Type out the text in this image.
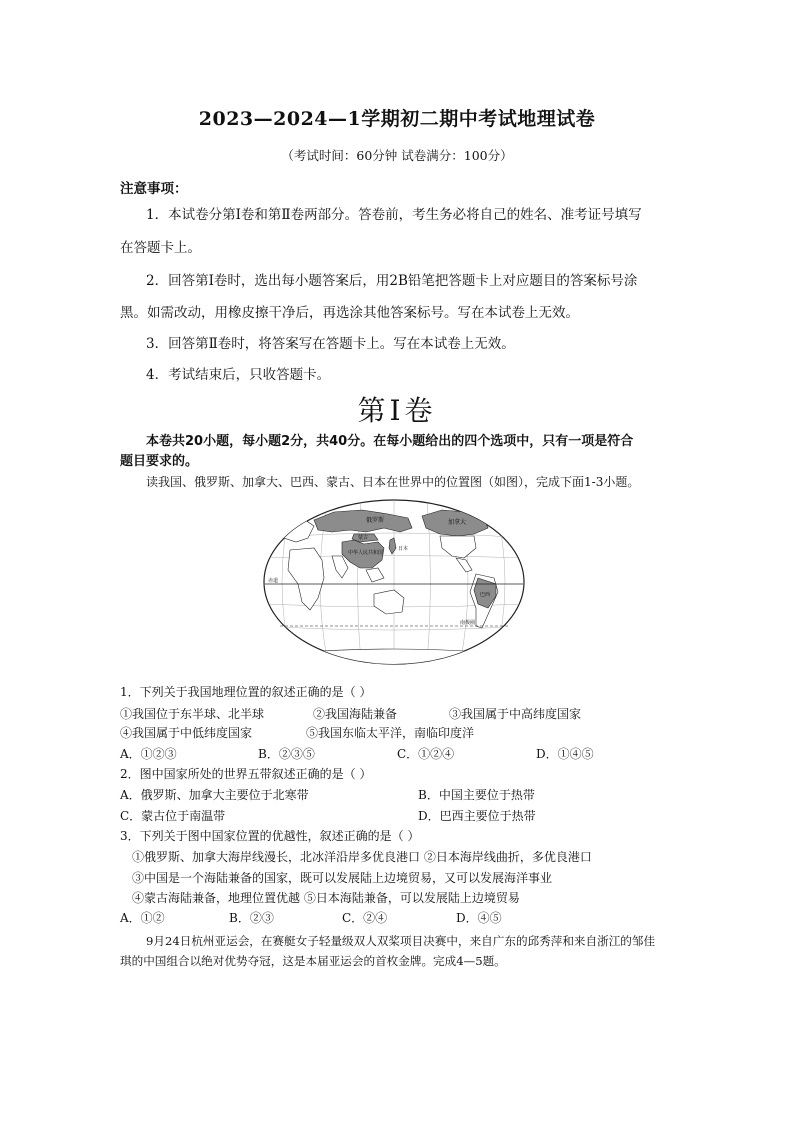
2023—2024—1学期初二期中考试地理试卷
（考试时间：60分钟 试卷满分：100分）
注意事项：
1．本试卷分第Ⅰ卷和第Ⅱ卷两部分。答卷前，考生务必将自己的姓名、准考证号填写
在答题卡上。
2．回答第Ⅰ卷时，选出每小题答案后，用2B铅笔把答题卡上对应题目的答案标号涂
黑。如需改动，用橡皮擦干净后，再选涂其他答案标号。写在本试卷上无效。
3．回答第Ⅱ卷时，将答案写在答题卡上。写在本试卷上无效。
4．考试结束后，只收答题卡。
第Ⅰ卷
本卷共20小题，每小题2分，共40分。在每小题给出的四个选项中，只有一项是符合
题目要求的。
读我国、俄罗斯、加拿大、巴西、蒙古、日本在世界中的位置图（如图），完成下面1-3小题。
俄罗斯
蒙古
中华人民共和国
日本
加拿大
巴西
赤道
南极圈
1．下列关于我国地理位置的叙述正确的是（ ）
①我国位于东半球、北半球	②我国海陆兼备	③我国属于中高纬度国家
④我国属于中低纬度国家	⑤我国东临太平洋，南临印度洋
A．①②③	B．②③⑤	C．①②④	D．①④⑤
2．图中国家所处的世界五带叙述正确的是（ ）
A．俄罗斯、加拿大主要位于北寒带	B．中国主要位于热带
C．蒙古位于南温带	D．巴西主要位于热带
3．下列关于图中国家位置的优越性，叙述正确的是（ ）
①俄罗斯、加拿大海岸线漫长，北冰洋沿岸多优良港口 ②日本海岸线曲折，多优良港口
③中国是一个海陆兼备的国家，既可以发展陆上边境贸易，又可以发展海洋事业
④蒙古海陆兼备，地理位置优越 ⑤日本海陆兼备，可以发展陆上边境贸易
A．①②	B．②③	C．②④	D．④⑤
9月24日杭州亚运会，在赛艇女子轻量级双人双桨项目决赛中，来自广东的邱秀萍和来自浙江的邹佳
琪的中国组合以绝对优势夺冠，这是本届亚运会的首枚金牌。完成4—5题。
